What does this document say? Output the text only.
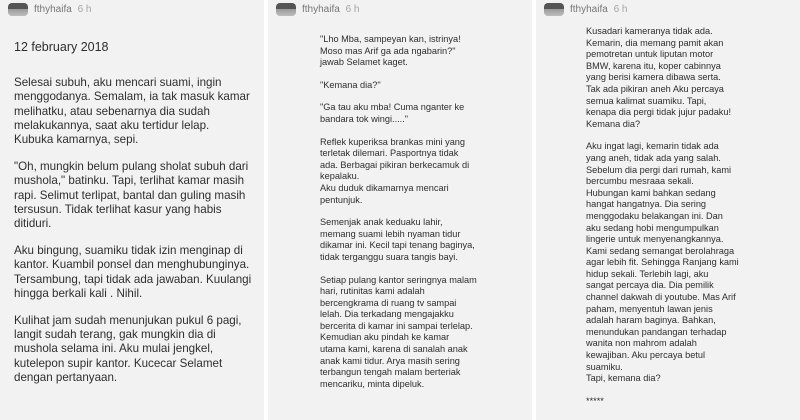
fthyhaifa 6 h

12 february 2018

Selesai subuh, aku mencari suami, ingin
menggodanya. Semalam, ia tak masuk kamar
melihatku, atau sebenarnya dia sudah
melakukannya, saat aku tertidur lelap.
Kubuka kamarnya, sepi.

"Oh, mungkin belum pulang sholat subuh dari
mushola," batinku. Tapi, terlihat kamar masih
rapi. Selimut terlipat, bantal dan guling masih
tersusun. Tidak terlihat kasur yang habis
ditiduri.

Aku bingung, suamiku tidak izin menginap di
kantor. Kuambil ponsel dan menghubunginya.
Tersambung, tapi tidak ada jawaban. Kuulangi
hingga berkali kali . Nihil.

Kulihat jam sudah menunjukan pukul 6 pagi,
langit sudah terang, gak mungkin dia di
mushola selama ini. Aku mulai jengkel,
kutelepon supir kantor. Kucecar Selamet
dengan pertanyaan.

fthyhaifa 6 h

"Lho Mba, sampeyan kan, istrinya!
Moso mas Arif ga ada ngabarin?"
jawab Selamet kaget.

"Kemana dia?"

"Ga tau aku mba! Cuma nganter ke
bandara tok wingi....."

Reflek kuperiksa brankas mini yang
terletak dilemari. Pasportnya tidak
ada. Berbagai pikiran berkecamuk di
kepalaku.
Aku duduk dikamarnya mencari
pentunjuk.

Semenjak anak keduaku lahir,
memang suami lebih nyaman tidur
dikamar ini. Kecil tapi tenang baginya,
tidak terganggu suara tangis bayi.

Setiap pulang kantor seringnya malam
hari, rutinitas kami adalah
bercengkrama di ruang tv sampai
lelah. Dia terkadang mengajakku
bercerita di kamar ini sampai terlelap.
Kemudian aku pindah ke kamar
utama kami, karena di sanalah anak
anak kami tidur. Arya masih sering
terbangun tengah malam berteriak
mencariku, minta dipeluk.

fthyhaifa 6 h

Kusadari kameranya tidak ada.
Kemarin, dia memang pamit akan
pemotretan untuk liputan motor
BMW, karena itu, koper cabinnya
yang berisi kamera dibawa serta.
Tak ada pikiran aneh Aku percaya
semua kalimat suamiku. Tapi,
kenapa dia pergi tidak jujur padaku!
Kemana dia?

Aku ingat lagi, kemarin tidak ada
yang aneh, tidak ada yang salah.
Sebelum dia pergi dari rumah, kami
bercumbu mesraaa sekali.
Hubungan kami bahkan sedang
hangat hangatnya. Dia sering
menggodaku belakangan ini. Dan
aku sedang hobi mengumpulkan
lingerie untuk menyenangkannya.
Kami sedang semangat berolahraga
agar lebih fit. Sehingga Ranjang kami
hidup sekali. Terlebih lagi, aku
sangat percaya dia. Dia pemilik
channel dakwah di youtube. Mas Arif
paham, menyentuh lawan jenis
adalah haram baginya. Bahkan,
menundukan pandangan terhadap
wanita non mahrom adalah
kewajiban. Aku percaya betul
suamiku.
Tapi, kemana dia?

*****
